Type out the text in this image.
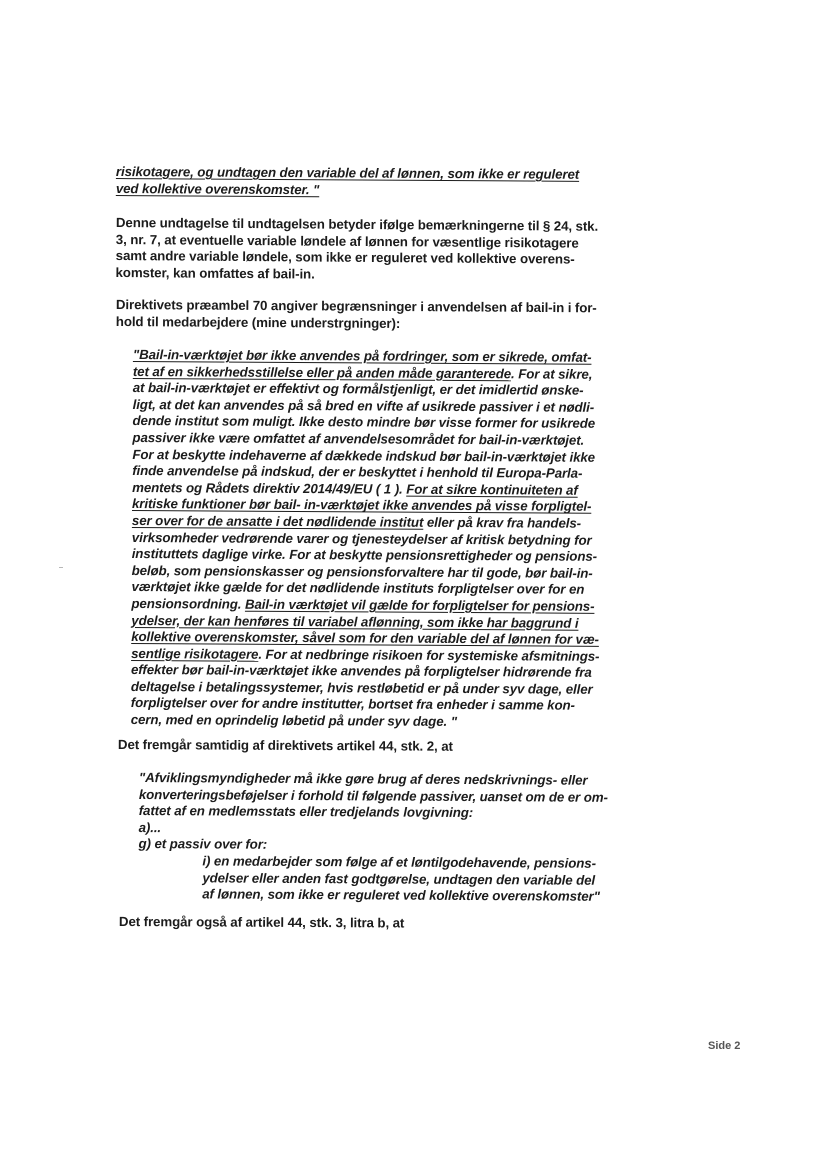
risikotagere, og undtagen den variable del af lønnen, som ikke er reguleret
ved kollektive overenskomster. "
Denne undtagelse til undtagelsen betyder ifølge bemærkningerne til § 24, stk.
3, nr. 7, at eventuelle variable løndele af lønnen for væsentlige risikotagere
samt andre variable løndele, som ikke er reguleret ved kollektive overens-
komster, kan omfattes af bail-in.
Direktivets præambel 70 angiver begrænsninger i anvendelsen af bail-in i for-
hold til medarbejdere (mine understrgninger):
"Bail-in-værktøjet bør ikke anvendes på fordringer, som er sikrede, omfat-
tet af en sikkerhedsstillelse eller på anden måde garanterede. For at sikre,
at bail-in-værktøjet er effektivt og formålstjenligt, er det imidlertid ønske-
ligt, at det kan anvendes på så bred en vifte af usikrede passiver i et nødli-
dende institut som muligt. Ikke desto mindre bør visse former for usikrede
passiver ikke være omfattet af anvendelsesområdet for bail-in-værktøjet.
For at beskytte indehaverne af dækkede indskud bør bail-in-værktøjet ikke
finde anvendelse på indskud, der er beskyttet i henhold til Europa-Parla-
mentets og Rådets direktiv 2014/49/EU ( 1 ). For at sikre kontinuiteten af
kritiske funktioner bør bail- in-værktøjet ikke anvendes på visse forpligtel-
ser over for de ansatte i det nødlidende institut eller på krav fra handels-
virksomheder vedrørende varer og tjenesteydelser af kritisk betydning for
instituttets daglige virke. For at beskytte pensionsrettigheder og pensions-
beløb, som pensionskasser og pensionsforvaltere har til gode, bør bail-in-
værktøjet ikke gælde for det nødlidende instituts forpligtelser over for en
pensionsordning. Bail-in værktøjet vil gælde for forpligtelser for pensions-
ydelser, der kan henføres til variabel aflønning, som ikke har baggrund i
kollektive overenskomster, såvel som for den variable del af lønnen for væ-
sentlige risikotagere. For at nedbringe risikoen for systemiske afsmitnings-
effekter bør bail-in-værktøjet ikke anvendes på forpligtelser hidrørende fra
deltagelse i betalingssystemer, hvis restløbetid er på under syv dage, eller
forpligtelser over for andre institutter, bortset fra enheder i samme kon-
cern, med en oprindelig løbetid på under syv dage. "
Det fremgår samtidig af direktivets artikel 44, stk. 2, at
"Afviklingsmyndigheder må ikke gøre brug af deres nedskrivnings- eller
konverteringsbeføjelser i forhold til følgende passiver, uanset om de er om-
fattet af en medlemsstats eller tredjelands lovgivning:
a)...
g) et passiv over for:
i) en medarbejder som følge af et løntilgodehavende, pensions-
ydelser eller anden fast godtgørelse, undtagen den variable del
af lønnen, som ikke er reguleret ved kollektive overenskomster"
Det fremgår også af artikel 44, stk. 3, litra b, at
Side 2
